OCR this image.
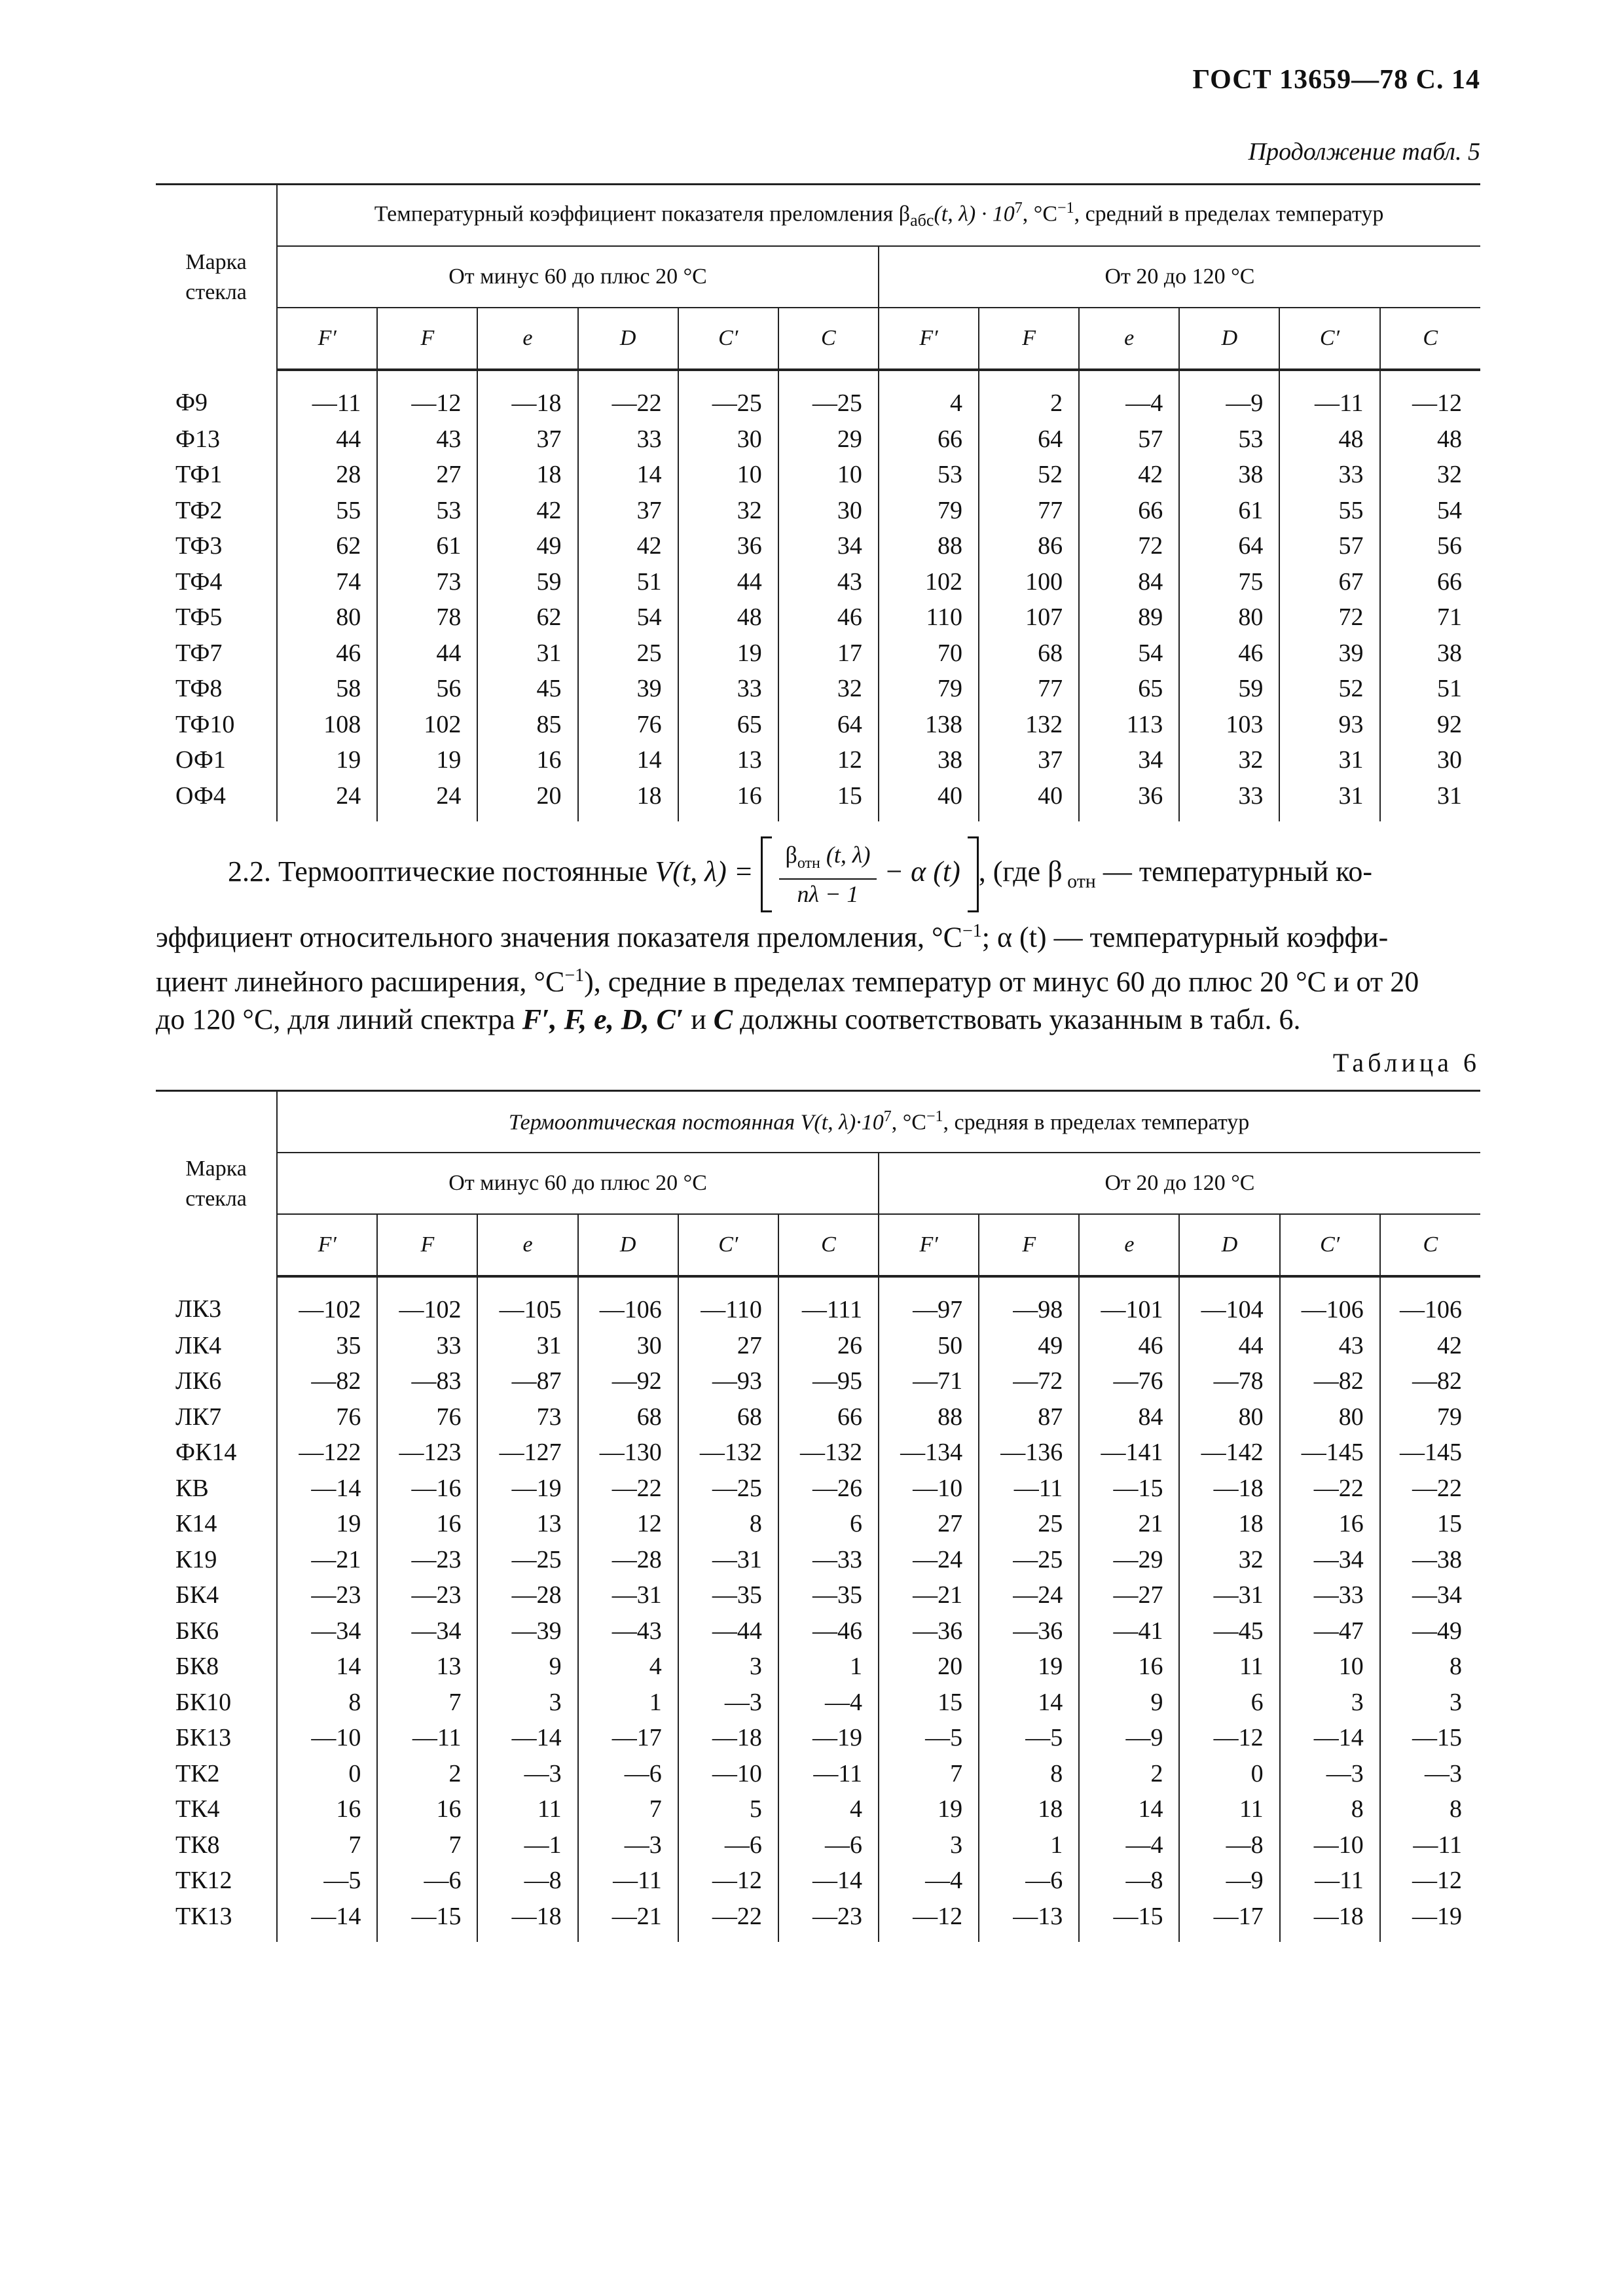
ГОСТ 13659—78 С. 14
Продолжение табл. 5
Марка
стекла	Температурный коэффициент показателя преломления $\beta_{абс}(t$, $\lambda) \cdot 10^7$, $^\circ С^{-1}$, средний в пределах температур											
	От минус 60 до плюс 20 °С						От 20 до 120 °С					
	F′	F	e	D	C′	C	F′	F	e	D	C′	C
Ф9	—11	—12	—18	—22	—25	—25	4	2	—4	—9	—11	—12
Ф13	44	43	37	33	30	29	66	64	57	53	48	48
ТФ1	28	27	18	14	10	10	53	52	42	38	33	32
ТФ2	55	53	42	37	32	30	79	77	66	61	55	54
ТФ3	62	61	49	42	36	34	88	86	72	64	57	56
ТФ4	74	73	59	51	44	43	102	100	84	75	67	66
ТФ5	80	78	62	54	48	46	110	107	89	80	72	71
ТФ7	46	44	31	25	19	17	70	68	54	46	39	38
ТФ8	58	56	45	39	33	32	79	77	65	59	52	51
ТФ10	108	102	85	76	65	64	138	132	113	103	93	92
ОФ1	19	19	16	14	13	12	38	37	34	32	31	30
ОФ4	24	24	20	18	16	15	40	40	36	33	31	31
2.2. Термооптические постоянные V(t, $\lambda) = \frac{\beta_{отн} (t, \lambda)}{n\lambda - 1} - \alpha$ (t) , (где β $_{отн}$ — температурный ко-
эффициент относительного значения показателя преломления, $^\circ С^{-1}$; α (t) — температурный коэффи-
циент линейного расширения, $^\circ С^{-1}$), средние в пределах температур от минус 60 до плюс 20 °С и от 20
до 120 °С, для линий спектра F′, F, e, D, C′ и C должны соответствовать указанным в табл. 6.
Таблица 6
Марка
стекла	Термооптическая постоянная V(t, $\lambda)\cdot 10^7$, $^\circ С^{-1}$, средняя в пределах температур											
	От минус 60 до плюс 20 °С						От 20 до 120 °С					
	F′	F	e	D	C′	C	F′	F	e	D	C′	C
ЛК3	—102	—102	—105	—106	—110	—111	—97	—98	—101	—104	—106	—106
ЛК4	35	33	31	30	27	26	50	49	46	44	43	42
ЛК6	—82	—83	—87	—92	—93	—95	—71	—72	—76	—78	—82	—82
ЛК7	76	76	73	68	68	66	88	87	84	80	80	79
ФК14	—122	—123	—127	—130	—132	—132	—134	—136	—141	—142	—145	—145
КВ	—14	—16	—19	—22	—25	—26	—10	—11	—15	—18	—22	—22
К14	19	16	13	12	8	6	27	25	21	18	16	15
К19	—21	—23	—25	—28	—31	—33	—24	—25	—29	32	—34	—38
БК4	—23	—23	—28	—31	—35	—35	—21	—24	—27	—31	—33	—34
БК6	—34	—34	—39	—43	—44	—46	—36	—36	—41	—45	—47	—49
БК8	14	13	9	4	3	1	20	19	16	11	10	8
БК10	8	7	3	1	—3	—4	15	14	9	6	3	3
БК13	—10	—11	—14	—17	—18	—19	—5	—5	—9	—12	—14	—15
ТК2	0	2	—3	—6	—10	—11	7	8	2	0	—3	—3
ТК4	16	16	11	7	5	4	19	18	14	11	8	8
ТК8	7	7	—1	—3	—6	—6	3	1	—4	—8	—10	—11
ТК12	—5	—6	—8	—11	—12	—14	—4	—6	—8	—9	—11	—12
ТК13	—14	—15	—18	—21	—22	—23	—12	—13	—15	—17	—18	—19
